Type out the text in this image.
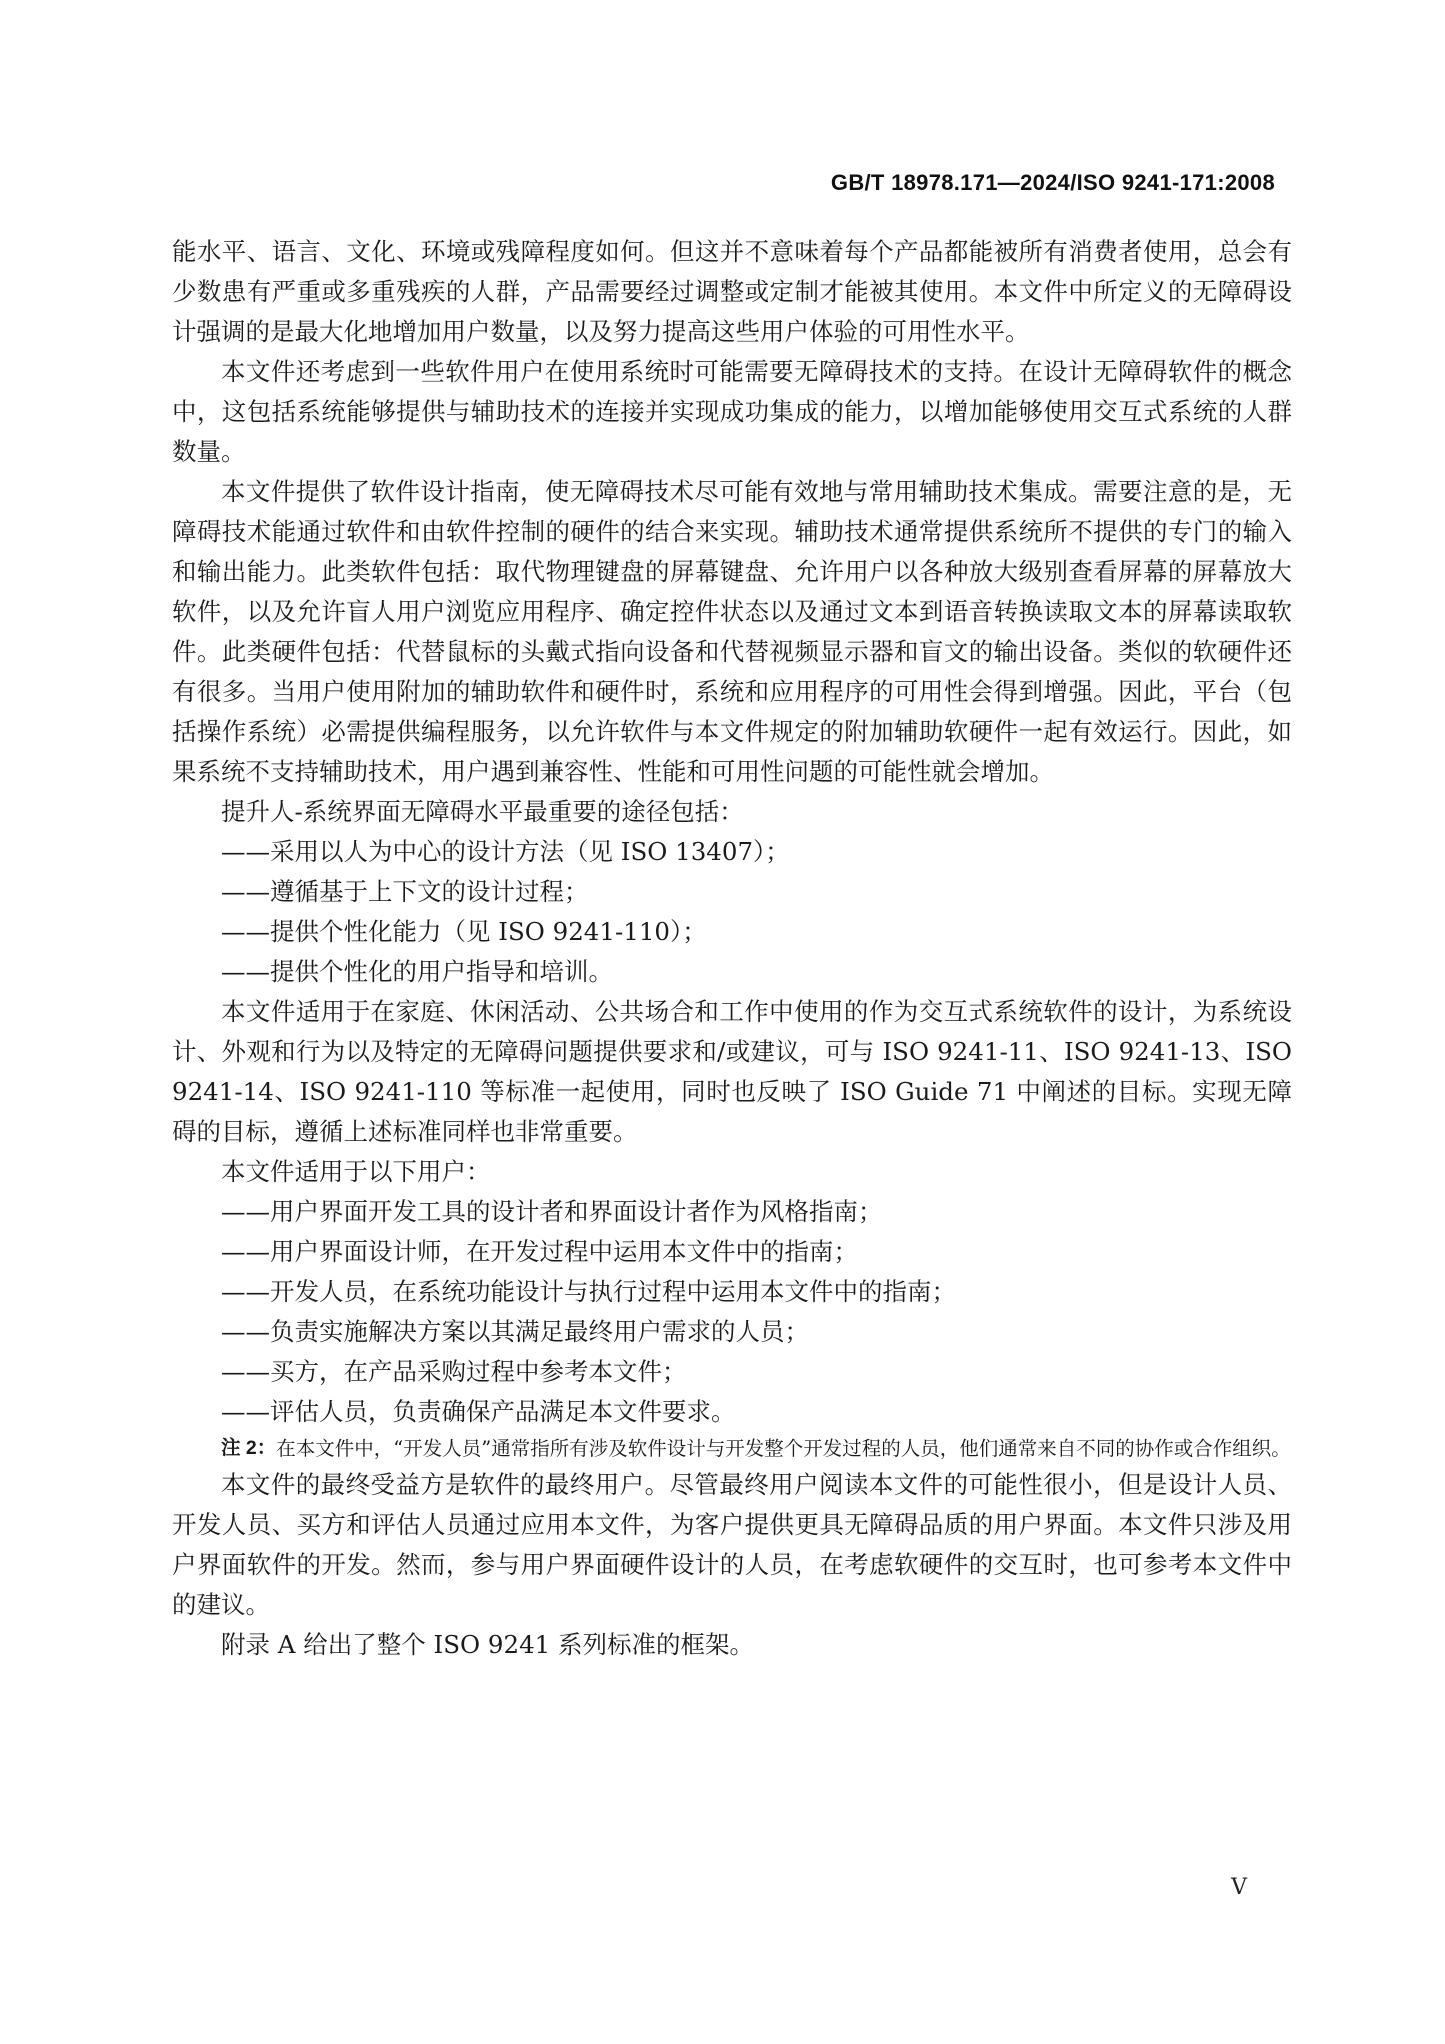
GB/T 18978.171—2024/ISO 9241-171:2008

能水平、语言、文化、环境或残障程度如何。但这并不意味着每个产品都能被所有消费者使用，总会有少数患有严重或多重残疾的人群，产品需要经过调整或定制才能被其使用。本文件中所定义的无障碍设计强调的是最大化地增加用户数量，以及努力提高这些用户体验的可用性水平。

本文件还考虑到一些软件用户在使用系统时可能需要无障碍技术的支持。在设计无障碍软件的概念中，这包括系统能够提供与辅助技术的连接并实现成功集成的能力，以增加能够使用交互式系统的人群数量。

本文件提供了软件设计指南，使无障碍技术尽可能有效地与常用辅助技术集成。需要注意的是，无障碍技术能通过软件和由软件控制的硬件的结合来实现。辅助技术通常提供系统所不提供的专门的输入和输出能力。此类软件包括：取代物理键盘的屏幕键盘、允许用户以各种放大级别查看屏幕的屏幕放大软件，以及允许盲人用户浏览应用程序、确定控件状态以及通过文本到语音转换读取文本的屏幕读取软件。此类硬件包括：代替鼠标的头戴式指向设备和代替视频显示器和盲文的输出设备。类似的软硬件还有很多。当用户使用附加的辅助软件和硬件时，系统和应用程序的可用性会得到增强。因此，平台（包括操作系统）必需提供编程服务，以允许软件与本文件规定的附加辅助软硬件一起有效运行。因此，如果系统不支持辅助技术，用户遇到兼容性、性能和可用性问题的可能性就会增加。

提升人-系统界面无障碍水平最重要的途径包括：

——采用以人为中心的设计方法（见 ISO 13407）；

——遵循基于上下文的设计过程；

——提供个性化能力（见 ISO 9241-110）；

——提供个性化的用户指导和培训。

本文件适用于在家庭、休闲活动、公共场合和工作中使用的作为交互式系统软件的设计，为系统设计、外观和行为以及特定的无障碍问题提供要求和/或建议，可与 ISO 9241-11、ISO 9241-13、ISO 9241-14、ISO 9241-110 等标准一起使用，同时也反映了 ISO Guide 71 中阐述的目标。实现无障碍的目标，遵循上述标准同样也非常重要。

本文件适用于以下用户：

——用户界面开发工具的设计者和界面设计者作为风格指南；

——用户界面设计师，在开发过程中运用本文件中的指南；

——开发人员，在系统功能设计与执行过程中运用本文件中的指南；

——负责实施解决方案以其满足最终用户需求的人员；

——买方，在产品采购过程中参考本文件；

——评估人员，负责确保产品满足本文件要求。

注 2： 在本文件中，“开发人员”通常指所有涉及软件设计与开发整个开发过程的人员，他们通常来自不同的协作或合作组织。

本文件的最终受益方是软件的最终用户。尽管最终用户阅读本文件的可能性很小，但是设计人员、开发人员、买方和评估人员通过应用本文件，为客户提供更具无障碍品质的用户界面。本文件只涉及用户界面软件的开发。然而，参与用户界面硬件设计的人员，在考虑软硬件的交互时，也可参考本文件中的建议。

附录 A 给出了整个 ISO 9241 系列标准的框架。

V
